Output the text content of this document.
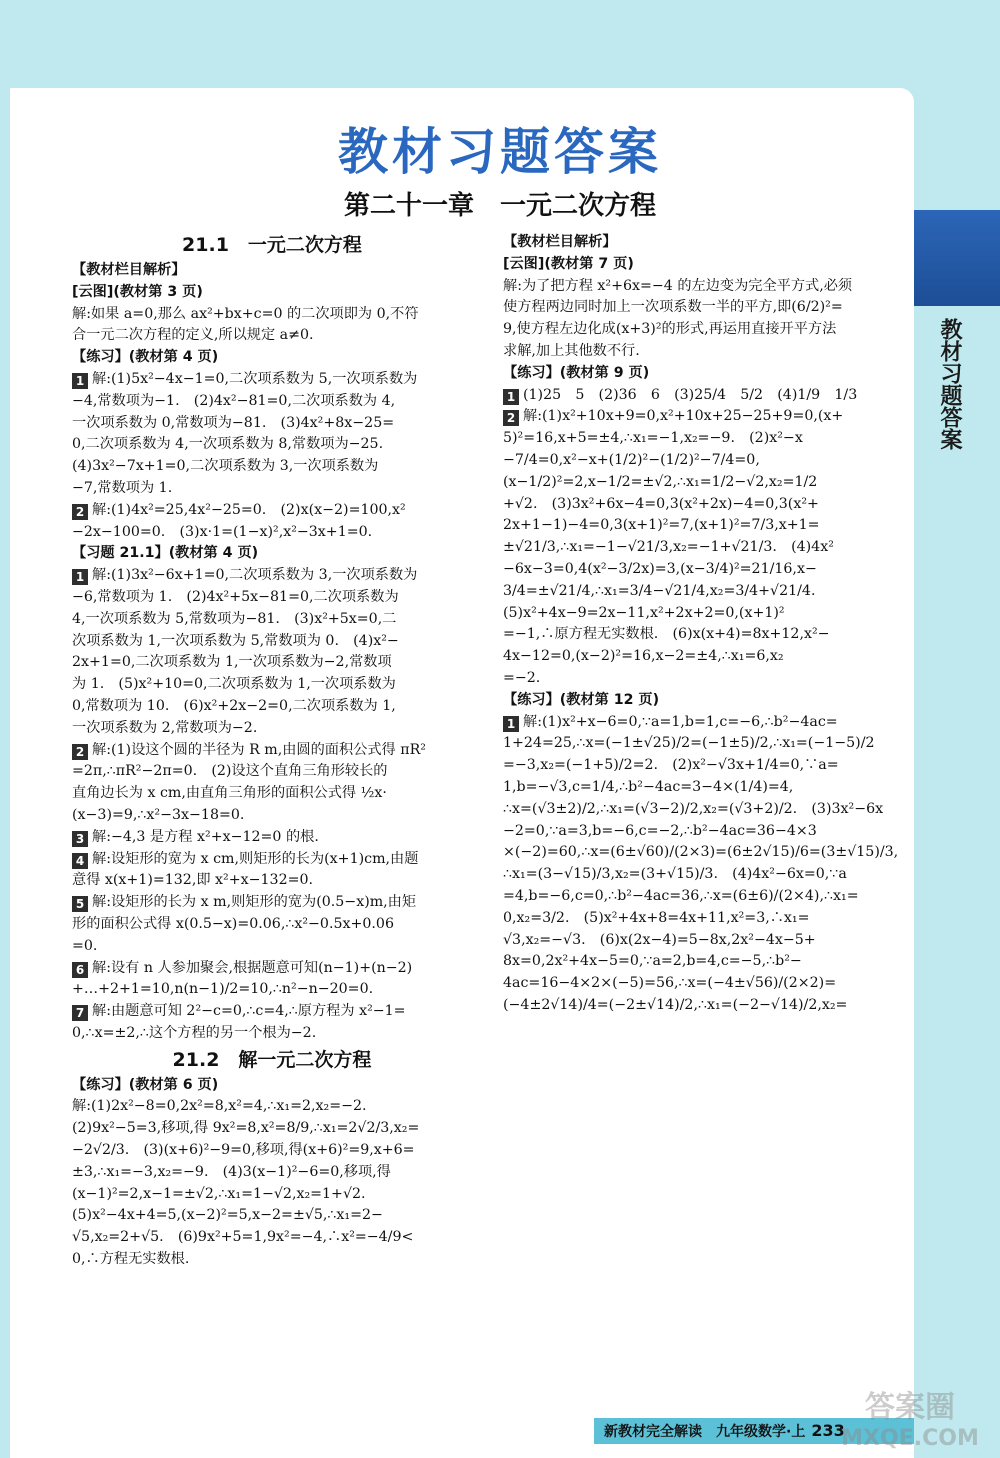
教材习题答案
教材习题答案
第二十一章　一元二次方程
21.1　一元二次方程
【教材栏目解析】
[云图](教材第 3 页)
解:如果 a=0,那么 ax²+bx+c=0 的二次项即为 0,不符
合一元二次方程的定义,所以规定 a≠0.
【练习】(教材第 4 页)
1 解:(1)5x²−4x−1=0,二次项系数为 5,一次项系数为
−4,常数项为−1.　(2)4x²−81=0,二次项系数为 4,
一次项系数为 0,常数项为−81.　(3)4x²+8x−25=
0,二次项系数为 4,一次项系数为 8,常数项为−25.
(4)3x²−7x+1=0,二次项系数为 3,一次项系数为
−7,常数项为 1.
2 解:(1)4x²=25,4x²−25=0.　(2)x(x−2)=100,x²
−2x−100=0.　(3)x·1=(1−x)²,x²−3x+1=0.
【习题 21.1】(教材第 4 页)
1 解:(1)3x²−6x+1=0,二次项系数为 3,一次项系数为
−6,常数项为 1.　(2)4x²+5x−81=0,二次项系数为
4,一次项系数为 5,常数项为−81.　(3)x²+5x=0,二
次项系数为 1,一次项系数为 5,常数项为 0.　(4)x²−
2x+1=0,二次项系数为 1,一次项系数为−2,常数项
为 1.　(5)x²+10=0,二次项系数为 1,一次项系数为
0,常数项为 10.　(6)x²+2x−2=0,二次项系数为 1,
一次项系数为 2,常数项为−2.
2 解:(1)设这个圆的半径为 R m,由圆的面积公式得 πR²
=2π,∴πR²−2π=0.　(2)设这个直角三角形较长的
直角边长为 x cm,由直角三角形的面积公式得 ½x·
(x−3)=9,∴x²−3x−18=0.
3 解:−4,3 是方程 x²+x−12=0 的根.
4 解:设矩形的宽为 x cm,则矩形的长为(x+1)cm,由题
意得 x(x+1)=132,即 x²+x−132=0.
5 解:设矩形的长为 x m,则矩形的宽为(0.5−x)m,由矩
形的面积公式得 x(0.5−x)=0.06,∴x²−0.5x+0.06
=0.
6 解:设有 n 人参加聚会,根据题意可知(n−1)+(n−2)
+…+2+1=10,n(n−1)/2=10,∴n²−n−20=0.
7 解:由题意可知 2²−c=0,∴c=4,∴原方程为 x²−1=
0,∴x=±2,∴这个方程的另一个根为−2.
21.2　解一元二次方程
【练习】(教材第 6 页)
解:(1)2x²−8=0,2x²=8,x²=4,∴x₁=2,x₂=−2.
(2)9x²−5=3,移项,得 9x²=8,x²=8/9,∴x₁=2√2/3,x₂=
−2√2/3.　(3)(x+6)²−9=0,移项,得(x+6)²=9,x+6=
±3,∴x₁=−3,x₂=−9.　(4)3(x−1)²−6=0,移项,得
(x−1)²=2,x−1=±√2,∴x₁=1−√2,x₂=1+√2.
(5)x²−4x+4=5,(x−2)²=5,x−2=±√5,∴x₁=2−
√5,x₂=2+√5.　(6)9x²+5=1,9x²=−4,∴x²=−4/9<
0,∴方程无实数根.
【教材栏目解析】
[云图](教材第 7 页)
解:为了把方程 x²+6x=−4 的左边变为完全平方式,必须
使方程两边同时加上一次项系数一半的平方,即(6/2)²=
9,使方程左边化成(x+3)²的形式,再运用直接开平方法
求解,加上其他数不行.
【练习】(教材第 9 页)
1 (1)25　5　(2)36　6　(3)25/4　5/2　(4)1/9　1/3
2 解:(1)x²+10x+9=0,x²+10x+25−25+9=0,(x+
5)²=16,x+5=±4,∴x₁=−1,x₂=−9.　(2)x²−x
−7/4=0,x²−x+(1/2)²−(1/2)²−7/4=0,
(x−1/2)²=2,x−1/2=±√2,∴x₁=1/2−√2,x₂=1/2
+√2.　(3)3x²+6x−4=0,3(x²+2x)−4=0,3(x²+
2x+1−1)−4=0,3(x+1)²=7,(x+1)²=7/3,x+1=
±√21/3,∴x₁=−1−√21/3,x₂=−1+√21/3.　(4)4x²
−6x−3=0,4(x²−3/2x)=3,(x−3/4)²=21/16,x−
3/4=±√21/4,∴x₁=3/4−√21/4,x₂=3/4+√21/4.
(5)x²+4x−9=2x−11,x²+2x+2=0,(x+1)²
=−1,∴原方程无实数根.　(6)x(x+4)=8x+12,x²−
4x−12=0,(x−2)²=16,x−2=±4,∴x₁=6,x₂
=−2.
【练习】(教材第 12 页)
1 解:(1)x²+x−6=0,∵a=1,b=1,c=−6,∴b²−4ac=
1+24=25,∴x=(−1±√25)/2=(−1±5)/2,∴x₁=(−1−5)/2
=−3,x₂=(−1+5)/2=2.　(2)x²−√3x+1/4=0,∵a=
1,b=−√3,c=1/4,∴b²−4ac=3−4×(1/4)=4,
∴x=(√3±2)/2,∴x₁=(√3−2)/2,x₂=(√3+2)/2.　(3)3x²−6x
−2=0,∵a=3,b=−6,c=−2,∴b²−4ac=36−4×3
×(−2)=60,∴x=(6±√60)/(2×3)=(6±2√15)/6=(3±√15)/3,
∴x₁=(3−√15)/3,x₂=(3+√15)/3.　(4)4x²−6x=0,∵a
=4,b=−6,c=0,∴b²−4ac=36,∴x=(6±6)/(2×4),∴x₁=
0,x₂=3/2.　(5)x²+4x+8=4x+11,x²=3,∴x₁=
√3,x₂=−√3.　(6)x(2x−4)=5−8x,2x²−4x−5+
8x=0,2x²+4x−5=0,∵a=2,b=4,c=−5,∴b²−
4ac=16−4×2×(−5)=56,∴x=(−4±√56)/(2×2)=
(−4±2√14)/4=(−2±√14)/2,∴x₁=(−2−√14)/2,x₂=
新教材完全解读　九年级数学·上 233
答案圈
MXQE.COM
